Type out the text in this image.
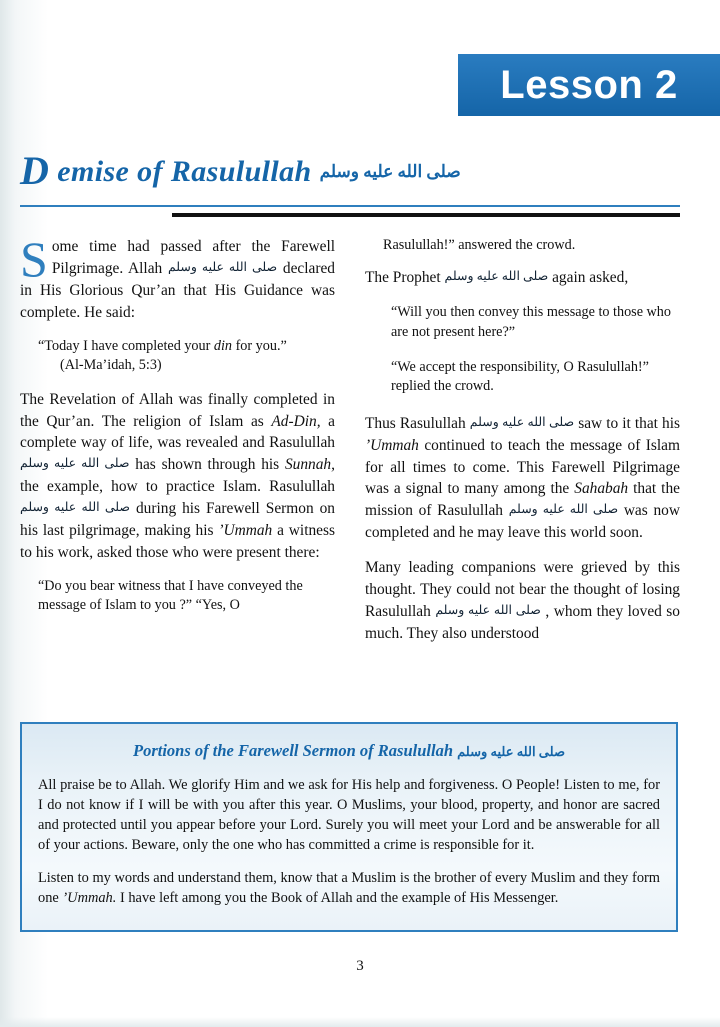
Lesson 2
D emise of Rasulullah صلى الله عليه وسلم

Some time had passed after the Farewell Pilgrimage. Allah صلى الله عليه وسلم declared in His Glorious Qur’an that His Guidance was complete. He said:

“Today I have completed your din for you.”
(Al-Ma’idah, 5:3)

The Revelation of Allah was finally completed in the Qur’an. The religion of Islam as Ad-Din, a complete way of life, was revealed and Rasulullah صلى الله عليه وسلم has shown through his Sunnah, the example, how to practice Islam. Rasulullah صلى الله عليه وسلم during his Farewell Sermon on his last pilgrimage, making his ’Ummah a witness to his work, asked those who were present there:

“Do you bear witness that I have conveyed the message of Islam to you ?” “Yes, O
Rasulullah!” answered the crowd.

The Prophet صلى الله عليه وسلم again asked,

“Will you then convey this message to those who are not present here?”
“We accept the responsibility, O Rasulullah!” replied the crowd.

Thus Rasulullah صلى الله عليه وسلم saw to it that his ’Ummah continued to teach the message of Islam for all times to come. This Farewell Pilgrimage was a signal to many among the Sahabah that the mission of Rasulullah صلى الله عليه وسلم was now completed and he may leave this world soon.

Many leading companions were grieved by this thought. They could not bear the thought of losing Rasulullah صلى الله عليه وسلم , whom they loved so much. They also understood

Portions of the Farewell Sermon of Rasulullah صلى الله عليه وسلم

All praise be to Allah. We glorify Him and we ask for His help and forgiveness. O People! Listen to me, for I do not know if I will be with you after this year. O Muslims, your blood, property, and honor are sacred and protected until you appear before your Lord. Surely you will meet your Lord and be answerable for all of your actions. Beware, only the one who has committed a crime is responsible for it.

Listen to my words and understand them, know that a Muslim is the brother of every Muslim and they form one ’Ummah. I have left among you the Book of Allah and the example of His Messenger.

3
